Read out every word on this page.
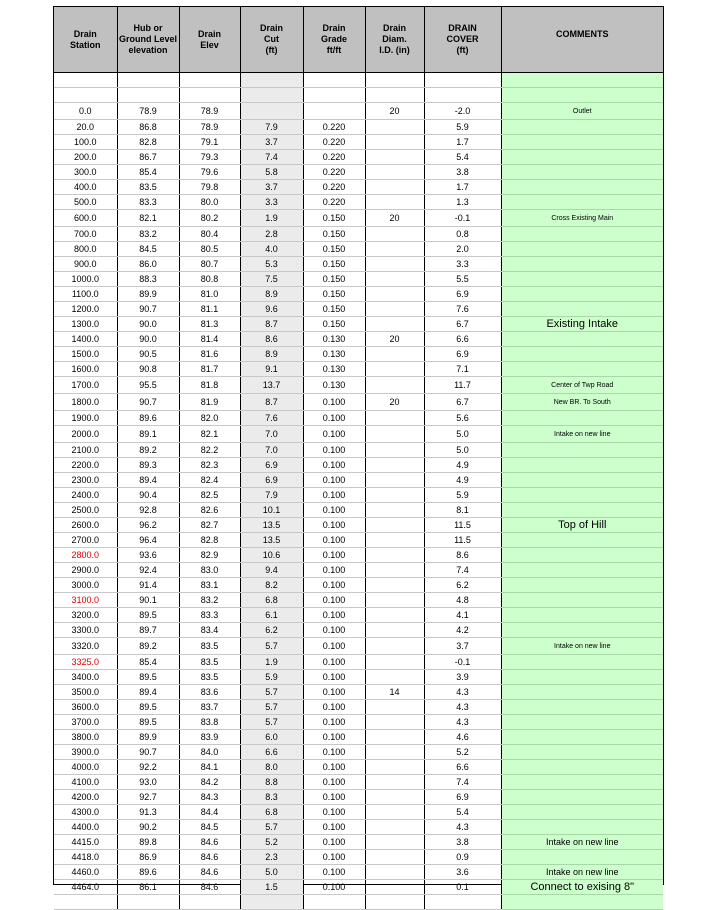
Drain
Station	Hub or
Ground Level
elevation	Drain
Elev	Drain
Cut
(ft)	Drain
Grade
ft/ft	Drain
Diam.
I.D. (in)	DRAIN
COVER
(ft)	COMMENTS

0.0	78.9	78.9			20	-2.0	Outlet
20.0	86.8	78.9	7.9	0.220		5.9	
100.0	82.8	79.1	3.7	0.220		1.7	
200.0	86.7	79.3	7.4	0.220		5.4	
300.0	85.4	79.6	5.8	0.220		3.8	
400.0	83.5	79.8	3.7	0.220		1.7	
500.0	83.3	80.0	3.3	0.220		1.3	
600.0	82.1	80.2	1.9	0.150	20	-0.1	Cross Existing Main
700.0	83.2	80.4	2.8	0.150		0.8	
800.0	84.5	80.5	4.0	0.150		2.0	
900.0	86.0	80.7	5.3	0.150		3.3	
1000.0	88.3	80.8	7.5	0.150		5.5	
1100.0	89.9	81.0	8.9	0.150		6.9	
1200.0	90.7	81.1	9.6	0.150		7.6	
1300.0	90.0	81.3	8.7	0.150		6.7	Existing Intake
1400.0	90.0	81.4	8.6	0.130	20	6.6	
1500.0	90.5	81.6	8.9	0.130		6.9	
1600.0	90.8	81.7	9.1	0.130		7.1	
1700.0	95.5	81.8	13.7	0.130		11.7	Center of Twp Road
1800.0	90.7	81.9	8.7	0.100	20	6.7	New BR. To South
1900.0	89.6	82.0	7.6	0.100		5.6	
2000.0	89.1	82.1	7.0	0.100		5.0	Intake on new line
2100.0	89.2	82.2	7.0	0.100		5.0	
2200.0	89.3	82.3	6.9	0.100		4.9	
2300.0	89.4	82.4	6.9	0.100		4.9	
2400.0	90.4	82.5	7.9	0.100		5.9	
2500.0	92.8	82.6	10.1	0.100		8.1	
2600.0	96.2	82.7	13.5	0.100		11.5	Top of Hill
2700.0	96.4	82.8	13.5	0.100		11.5	
2800.0	93.6	82.9	10.6	0.100		8.6	
2900.0	92.4	83.0	9.4	0.100		7.4	
3000.0	91.4	83.1	8.2	0.100		6.2	
3100.0	90.1	83.2	6.8	0.100		4.8	
3200.0	89.5	83.3	6.1	0.100		4.1	
3300.0	89.7	83.4	6.2	0.100		4.2	
3320.0	89.2	83.5	5.7	0.100		3.7	Intake on new line
3325.0	85.4	83.5	1.9	0.100		-0.1	
3400.0	89.5	83.5	5.9	0.100		3.9	
3500.0	89.4	83.6	5.7	0.100	14	4.3	
3600.0	89.5	83.7	5.7	0.100		4.3	
3700.0	89.5	83.8	5.7	0.100		4.3	
3800.0	89.9	83.9	6.0	0.100		4.6	
3900.0	90.7	84.0	6.6	0.100		5.2	
4000.0	92.2	84.1	8.0	0.100		6.6	
4100.0	93.0	84.2	8.8	0.100		7.4	
4200.0	92.7	84.3	8.3	0.100		6.9	
4300.0	91.3	84.4	6.8	0.100		5.4	
4400.0	90.2	84.5	5.7	0.100		4.3	
4415.0	89.8	84.6	5.2	0.100		3.8	Intake on new line
4418.0	86.9	84.6	2.3	0.100		0.9	
4460.0	89.6	84.6	5.0	0.100		3.6	Intake on new line
4464.0	86.1	84.6	1.5	0.100		0.1	Connect to exising 8"
